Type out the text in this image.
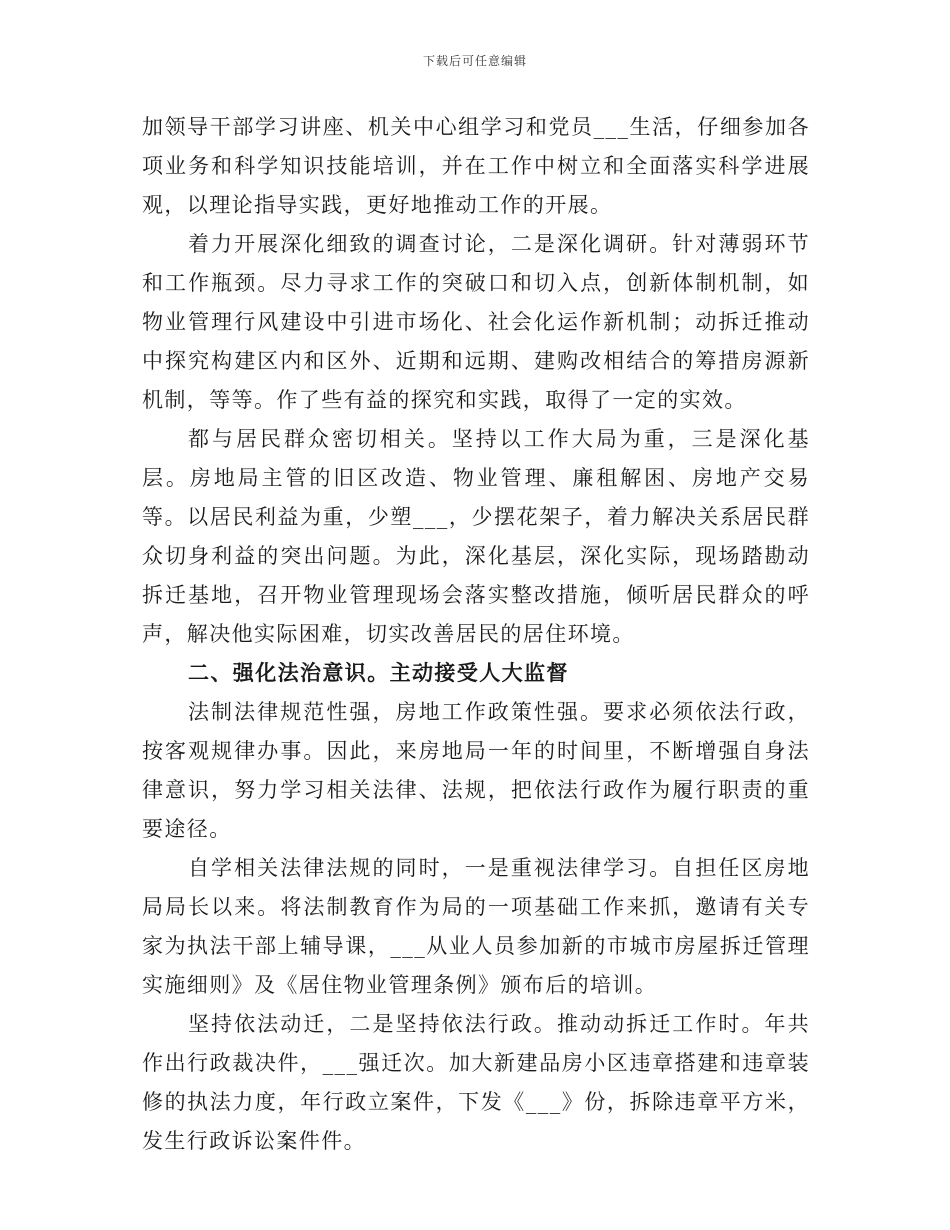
下载后可任意编辑

加领导干部学习讲座、机关中心组学习和党员___生活，仔细参加各项业务和科学知识技能培训，并在工作中树立和全面落实科学进展观，以理论指导实践，更好地推动工作的开展。

着力开展深化细致的调查讨论，二是深化调研。针对薄弱环节和工作瓶颈。尽力寻求工作的突破口和切入点，创新体制机制，如物业管理行风建设中引进市场化、社会化运作新机制；动拆迁推动中探究构建区内和区外、近期和远期、建购改相结合的筹措房源新机制，等等。作了些有益的探究和实践，取得了一定的实效。

都与居民群众密切相关。坚持以工作大局为重，三是深化基层。房地局主管的旧区改造、物业管理、廉租解困、房地产交易等。以居民利益为重，少塑___，少摆花架子，着力解决关系居民群众切身利益的突出问题。为此，深化基层，深化实际，现场踏勘动拆迁基地，召开物业管理现场会落实整改措施，倾听居民群众的呼声，解决他实际困难，切实改善居民的居住环境。

二、强化法治意识。主动接受人大监督

法制法律规范性强，房地工作政策性强。要求必须依法行政，按客观规律办事。因此，来房地局一年的时间里，不断增强自身法律意识，努力学习相关法律、法规，把依法行政作为履行职责的重要途径。

自学相关法律法规的同时，一是重视法律学习。自担任区房地局局长以来。将法制教育作为局的一项基础工作来抓，邀请有关专家为执法干部上辅导课，___从业人员参加新的市城市房屋拆迁管理实施细则》及《居住物业管理条例》颁布后的培训。

坚持依法动迁，二是坚持依法行政。推动动拆迁工作时。年共作出行政裁决件，___强迁次。加大新建品房小区违章搭建和违章装修的执法力度，年行政立案件，下发《___》份，拆除违章平方米，发生行政诉讼案件件。
